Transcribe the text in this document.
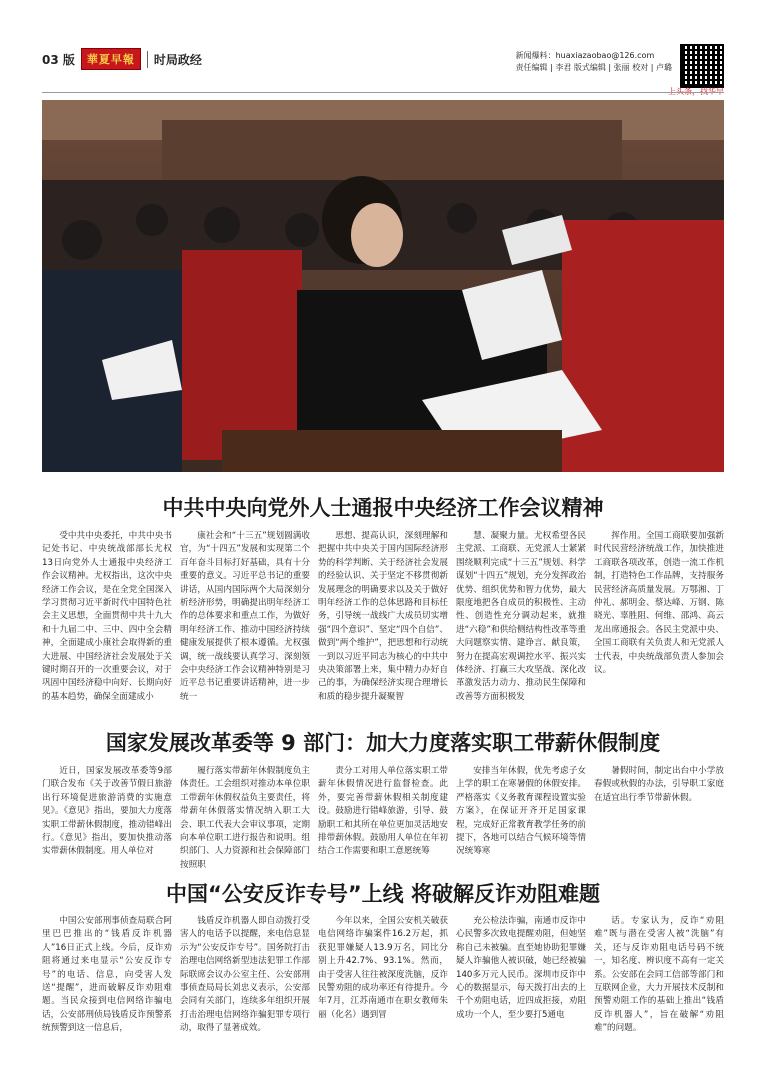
03 版	華夏早報	时局政经	新闻爆料：huaxiazaobao@126.com
责任编辑 | 李君 版式编辑 | 张丽 校对 | 卢璐
中共中央向党外人士通报中央经济工作会议精神
受中共中央委托，中共中央书记处书记、中央统战部部长尤权13日向党外人士通报中央经济工作会议精神。尤权指出，这次中央经济工作会议，是在全党全国深入学习贯彻习近平新时代中国特色社会主义思想，全面贯彻中共十九大和十九届二中、三中、四中全会精神，全面建成小康社会取得新的重大进展、中国经济社会发展处于关键时期召开的一次重要会议，对于巩固中国经济稳中向好、长期向好的基本趋势，确保全面建成小
康社会和“十三五”规划圆满收官，为“十四五”发展和实现第二个百年奋斗目标打好基础，具有十分重要的意义。习近平总书记的重要讲话，从国内国际两个大局深刻分析经济形势，明确提出明年经济工作的总体要求和重点工作，为做好明年经济工作、推动中国经济持续健康发展提供了根本遵循。尤权强调，统一战线要认真学习、深刻领会中央经济工作会议精神特别是习近平总书记重要讲话精神，进一步统一
思想、提高认识，深刻理解和把握中共中央关于国内国际经济形势的科学判断、关于经济社会发展的经验认识、关于坚定不移贯彻新发展理念的明确要求以及关于做好明年经济工作的总体思路和目标任务，引导统一战线广大成员切实增强“四个意识”、坚定“四个自信”、做到“两个维护”，把思想和行动统一到以习近平同志为核心的中共中央决策部署上来，集中精力办好自己的事，为确保经济实现合理增长和质的稳步提升凝聚智
慧、凝聚力量。尤权希望各民主党派、工商联、无党派人士紧紧围绕顺利完成“十三五”规划、科学谋划“十四五”规划，充分发挥政治优势、组织优势和智力优势，最大限度地把各自成员的积极性、主动性、创造性充分调动起来，就推进“六稳”和供给侧结构性改革等重大问题察实情、建诤言、献良策，努力在提高宏观调控水平、振兴实体经济、打赢三大攻坚战、深化改革激发活力动力、推动民生保障和改善等方面积极发
挥作用。全国工商联要加强新时代民营经济统战工作，加快推进工商联各项改革，创造一流工作机制，打造特色工作品牌，支持服务民营经济高质量发展。万鄂湘、丁仲礼、郝明金、蔡达峰、万钢、陈晓光、辜胜阻、何维、邵鸿、高云龙出席通报会。各民主党派中央、全国工商联有关负责人和无党派人士代表，中央统战部负责人参加会议。
国家发展改革委等 9 部门：加大力度落实职工带薪休假制度
近日，国家发展改革委等9部门联合发布《关于改善节假日旅游出行环境促进旅游消费的实施意见》。《意见》指出，要加大力度落实职工带薪休假制度，推动错峰出行。《意见》指出，要加快推动落实带薪休假制度。用人单位对
履行落实带薪年休假制度负主体责任。工会组织对推动本单位职工带薪年休假权益负主要责任，将带薪年休假落实情况纳入职工大会、职工代表大会审议事项，定期向本单位职工进行报告和说明。组织部门、人力资源和社会保障部门按照职
责分工对用人单位落实职工带薪年休假情况进行监督检查。此外，要完善带薪休假相关制度建设。鼓励进行错峰旅游，引导、鼓励职工和其所在单位更加灵活地安排带薪休假。鼓励用人单位在年初结合工作需要和职工意愿统筹
安排当年休假，优先考虑子女上学的职工在寒暑假的休假安排。严格落实《义务教育课程设置实验方案》，在保证开齐开足国家课程，完成好正常教育教学任务的前提下，各地可以结合气候环境等情况统筹寒
暑假时间，制定出台中小学放春假或秋假的办法，引导职工家庭在适宜出行季节带薪休假。
中国“公安反诈专号”上线 将破解反诈劝阻难题
中国公安部刑事侦查局联合阿里巴巴推出的“钱盾反诈机器人”16日正式上线。今后，反诈劝阻将通过来电显示“公安反诈专号”的电话、信息，向受害人发送“提醒”，进而破解反诈劝阻难题。当民众接到电信网络诈骗电话，公安部刑侦局钱盾反诈预警系统预警到这一信息后，
钱盾反诈机器人即自动拨打受害人的电话予以提醒，来电信息显示为“公安反诈专号”。国务院打击治理电信网络新型违法犯罪工作部际联席会议办公室主任、公安部刑事侦查局局长刘忠义表示，公安部会同有关部门，连续多年组织开展打击治理电信网络诈骗犯罪专项行动，取得了显著成效。
今年以来，全国公安机关破获电信网络诈骗案件16.2万起，抓获犯罪嫌疑人13.9万名，同比分别上升42.7%、93.1%。然而，由于受害人往往被深度洗脑，反诈民警劝阻的成功率还有待提升。今年7月，江苏南通市在职女教师朱丽（化名）遇到冒
充公检法诈骗，南通市反诈中心民警多次致电提醒劝阻，但她坚称自己未被骗。直至她协助犯罪嫌疑人诈骗他人被识破，她已经被骗140多万元人民币。深圳市反诈中心的数据显示，每天拨打出去的上千个劝阻电话，近四成拒接，劝阻成功一个人，至少要打5通电
话。专家认为，反诈“劝阻难”既与潜在受害人被“洗脑”有关，还与反诈劝阻电话号码不统一，知名度、辨识度不高有一定关系。公安部在会同工信部等部门和互联网企业，大力开展技术反制和预警劝阻工作的基础上推出“钱盾反诈机器人”，旨在破解“劝阻难”的问题。
